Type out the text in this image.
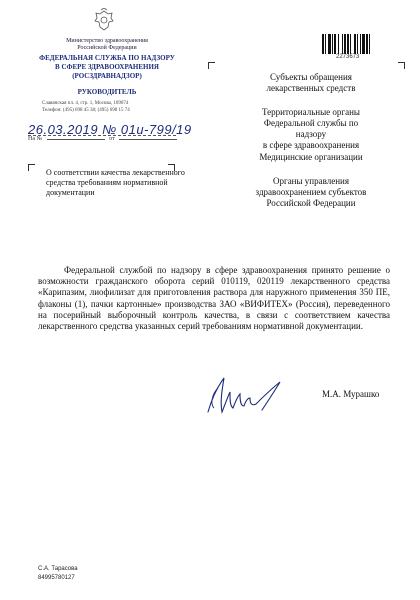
Министерство здравоохранения
Российской Федерации
ФЕДЕРАЛЬНАЯ СЛУЖБА ПО НАДЗОРУ
В СФЕРЕ ЗДРАВООХРАНЕНИЯ
(РОСЗДРАВНАДЗОР)
РУКОВОДИТЕЛЬ
Славянская пл. 4, стр. 1, Москва, 109074
Телефон: (495) 698 45 38; (495) 698 15 74
26.03.2019 № 01и-799/19
На №	от
2273673
Субъекты обращения
лекарственных средств
Территориальные органы
Федеральной службы по надзору
в сфере здравоохранения
Медицинские организации
Органы управления
здравоохранением субъектов
Российской Федерации
О соответствии качества лекарственного средства требованиям нормативной документации
Федеральной службой по надзору в сфере здравоохранения принято решение о возможности гражданского оборота серий 010119, 020119 лекарственного средства «Карипазим, лиофилизат для приготовления раствора для наружного применения 350 ПЕ, флаконы (1), пачки картонные» производства ЗАО «ВИФИТЕХ» (Россия), переведенного на посерийный выборочный контроль качества, в связи с соответствием качества лекарственного средства указанных серий требованиям нормативной документации.
М.А. Мурашко
С.А. Тарасова
84995780127
